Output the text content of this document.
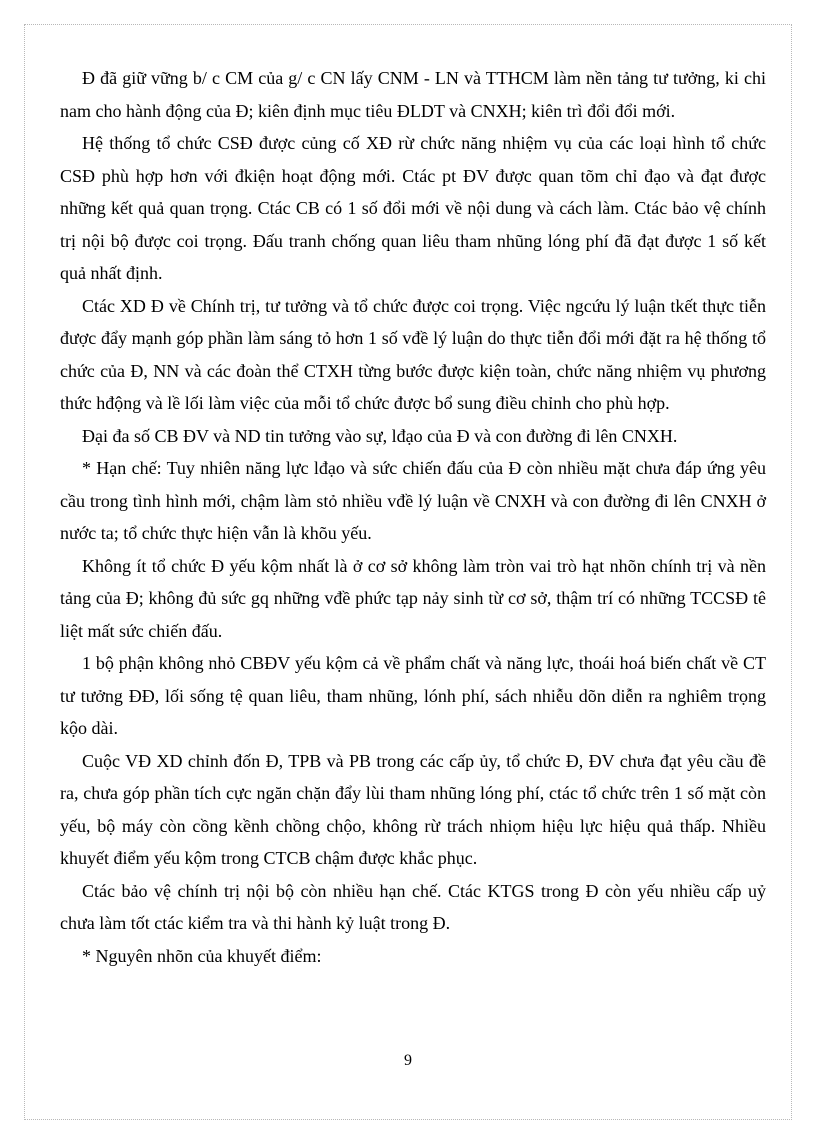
Đ đã giữ vững b/ c CM của g/ c CN lấy CNM - LN và TTHCM làm nền tảng tư tưởng, ki chi nam cho hành động của Đ; kiên định mục tiêu ĐLDT và CNXH; kiên trì đổi đổi mới.

Hệ thống tổ chức CSĐ được củng cố XĐ rừ chức năng nhiệm vụ của các loại hình tổ chức CSĐ phù hợp hơn với đkiện hoạt động mới. Ctác pt ĐV được quan tõm chỉ đạo và đạt được những kết quả quan trọng. Ctác CB có 1 số đổi mới về nội dung và cách làm. Ctác bảo vệ chính trị nội bộ được coi trọng. Đấu tranh chống quan liêu tham nhũng lóng phí đã đạt được 1 số kết quả nhất định.

Ctác XD Đ về Chính trị, tư tưởng và tổ chức được coi trọng. Việc ngcứu lý luận tkết thực tiễn được đẩy mạnh góp phần làm sáng tỏ hơn 1 số vđề lý luận do thực tiễn đổi mới đặt ra hệ thống tổ chức của Đ, NN và các đoàn thể CTXH từng bước được kiện toàn, chức năng nhiệm vụ phương thức hđộng và lề lối làm việc của mỗi tổ chức được bổ sung điều chỉnh cho phù hợp.

Đại đa số CB ĐV và ND tin tưởng vào sự, lđạo của Đ và con đường đi lên CNXH.

* Hạn chế: Tuy nhiên năng lực lđạo và sức chiến đấu của Đ còn nhiều mặt chưa đáp ứng yêu cầu trong tình hình mới, chậm làm stỏ nhiều vđề lý luận về CNXH và con đường đi lên CNXH ở nước ta; tổ chức thực hiện vẫn là khõu yếu.

Không ít tổ chức Đ yếu kộm nhất là ở cơ sở không làm tròn vai trò hạt nhõn chính trị và nền tảng của Đ; không đủ sức gq những vđề phức tạp nảy sinh từ cơ sở, thậm trí có những TCCSĐ tê liệt mất sức chiến đấu.

1 bộ phận không nhỏ CBĐV yếu kộm cả về phẩm chất và năng lực, thoái hoá biến chất về CT tư tưởng ĐĐ, lối sống tệ quan liêu, tham nhũng, lónh phí, sách nhiễu dõn diễn ra nghiêm trọng kộo dài.

Cuộc VĐ XD chỉnh đốn Đ, TPB và PB trong các cấp ủy, tổ chức Đ, ĐV chưa đạt yêu cầu đề ra, chưa góp phần tích cực ngăn chặn đẩy lùi tham nhũng lóng phí, ctác tổ chức trên 1 số mặt còn yếu, bộ máy còn cồng kềnh chồng chộo, không rừ trách nhiọm hiệu lực hiệu quả thấp. Nhiều khuyết điểm yếu kộm trong CTCB chậm được khắc phục.

Ctác bảo vệ chính trị nội bộ còn nhiều hạn chế. Ctác KTGS trong Đ còn yếu nhiều cấp uỷ chưa làm tốt ctác kiểm tra và thi hành kỷ luật trong Đ.

* Nguyên nhõn của khuyết điểm:

9
